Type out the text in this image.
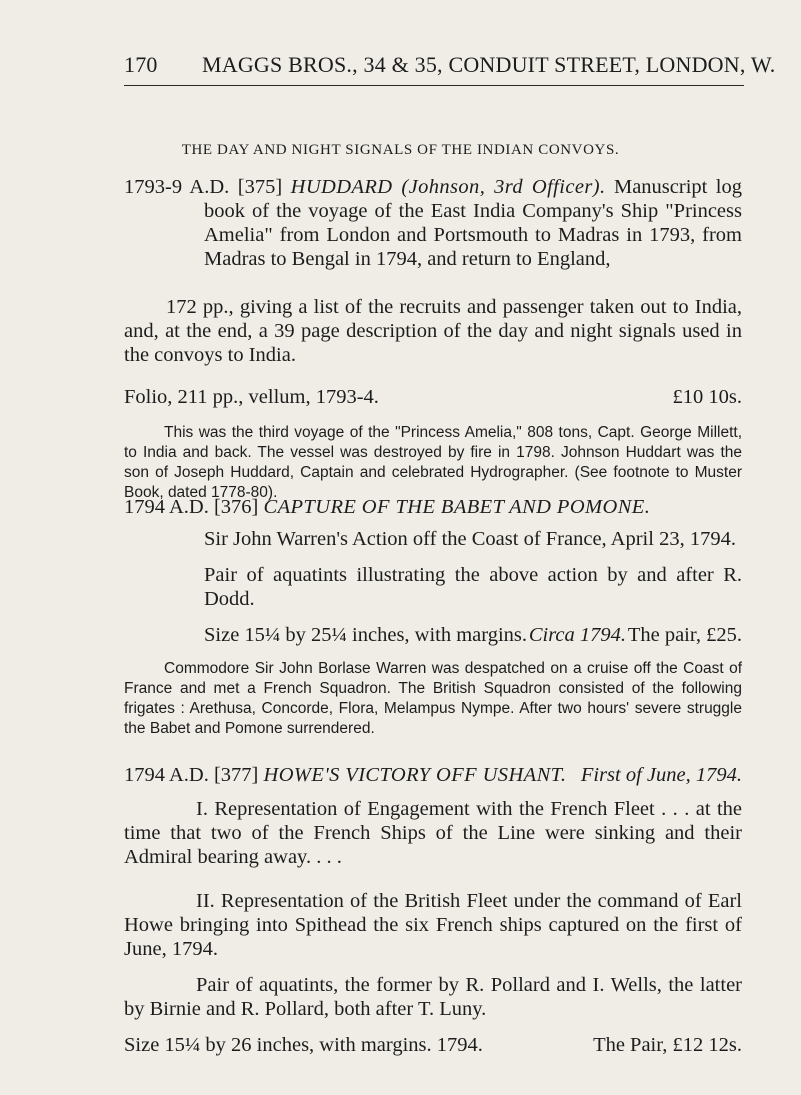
170 MAGGS BROS., 34 & 35, CONDUIT STREET, LONDON, W.
THE DAY AND NIGHT SIGNALS OF THE INDIAN CONVOYS.

1793-9 A.D. [375] HUDDARD (Johnson, 3rd Officer). Manuscript log book of the voyage of the East India Company's Ship "Princess Amelia" from London and Portsmouth to Madras in 1793, from Madras to Bengal in 1794, and return to England,

172 pp., giving a list of the recruits and passenger taken out to India, and, at the end, a 39 page description of the day and night signals used in the convoys to India.

Folio, 211 pp., vellum, 1793-4.	£10 10s.

This was the third voyage of the "Princess Amelia," 808 tons, Capt. George Millett, to India and back. The vessel was destroyed by fire in 1798. Johnson Huddart was the son of Joseph Huddard, Captain and celebrated Hydrographer. (See footnote to Muster Book, dated 1778-80).

1794 A.D. [376] CAPTURE OF THE BABET AND POMONE.

Sir John Warren's Action off the Coast of France, April 23, 1794.

Pair of aquatints illustrating the above action by and after R. Dodd.

Size 15¼ by 25¼ inches, with margins. Circa 1794. The pair, £25.

Commodore Sir John Borlase Warren was despatched on a cruise off the Coast of France and met a French Squadron. The British Squadron consisted of the following frigates : Arethusa, Concorde, Flora, Melampus Nympe. After two hours' severe struggle the Babet and Pomone surrendered.

1794 A.D. [377] HOWE'S VICTORY OFF USHANT. First of June, 1794.

I. Representation of Engagement with the French Fleet . . . at the time that two of the French Ships of the Line were sinking and their Admiral bearing away. . . .

II. Representation of the British Fleet under the command of Earl Howe bringing into Spithead the six French ships captured on the first of June, 1794.

Pair of aquatints, the former by R. Pollard and I. Wells, the latter by Birnie and R. Pollard, both after T. Luny.

Size 15¼ by 26 inches, with margins. 1794.	The Pair, £12 12s.
